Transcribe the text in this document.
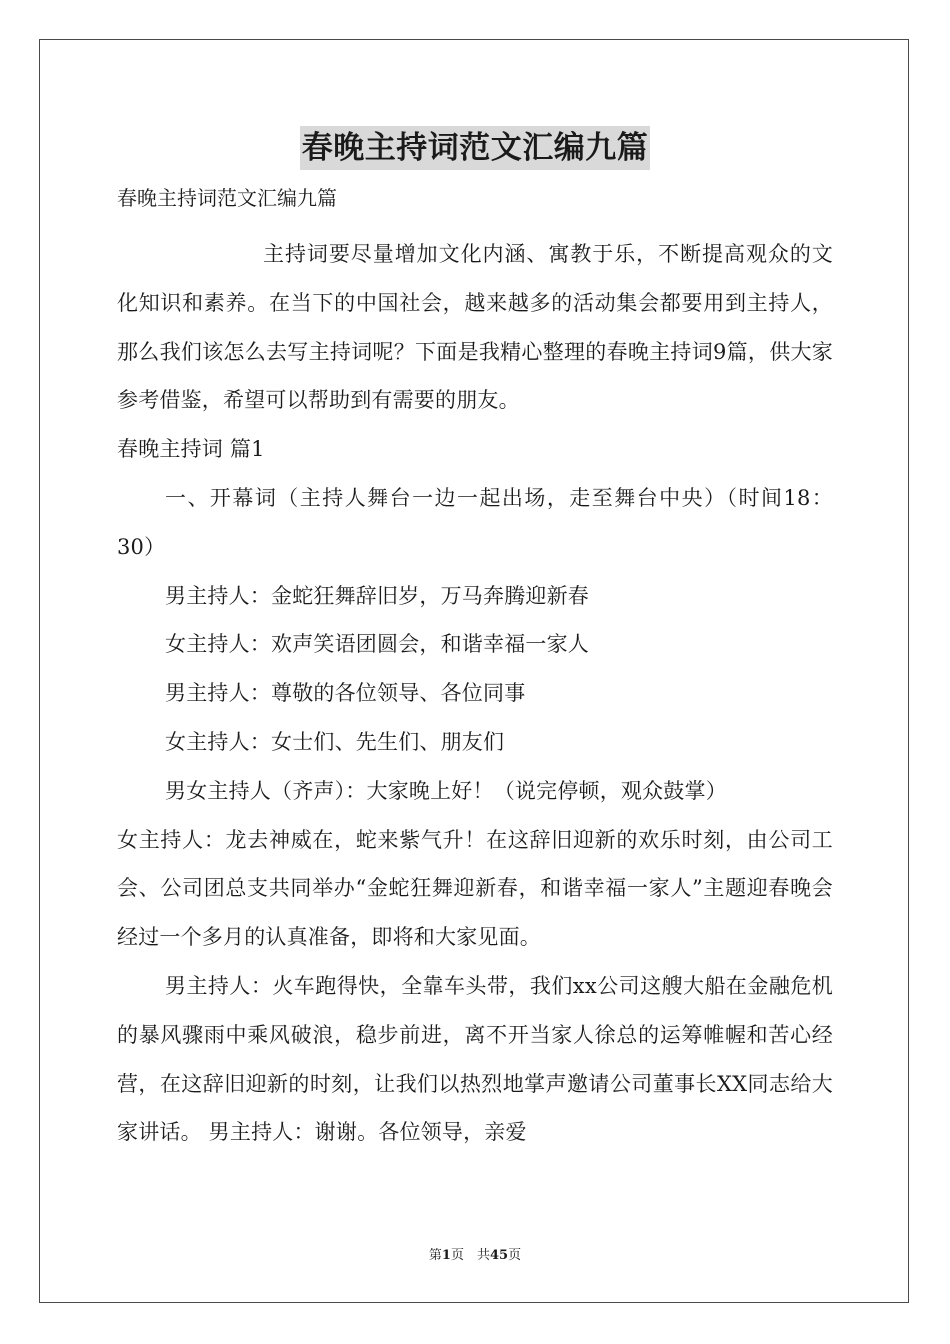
春晚主持词范文汇编九篇
春晚主持词范文汇编九篇

主持词要尽量增加文化内涵、寓教于乐，不断提高观众的文化知识和素养。在当下的中国社会，越来越多的活动集会都要用到主持人，那么我们该怎么去写主持词呢？下面是我精心整理的春晚主持词9篇，供大家参考借鉴，希望可以帮助到有需要的朋友。

春晚主持词 篇1

一、开幕词（主持人舞台一边一起出场，走至舞台中央）（时间18：30）

男主持人：金蛇狂舞辞旧岁，万马奔腾迎新春

女主持人：欢声笑语团圆会，和谐幸福一家人

男主持人：尊敬的各位领导、各位同事

女主持人：女士们、先生们、朋友们

男女主持人（齐声）：大家晚上好！（说完停顿，观众鼓掌）

女主持人：龙去神威在，蛇来紫气升！在这辞旧迎新的欢乐时刻，由公司工会、公司团总支共同举办“金蛇狂舞迎新春，和谐幸福一家人”主题迎春晚会经过一个多月的认真准备，即将和大家见面。

男主持人：火车跑得快，全靠车头带，我们xx公司这艘大船在金融危机的暴风骤雨中乘风破浪，稳步前进，离不开当家人徐总的运筹帷幄和苦心经营，在这辞旧迎新的时刻，让我们以热烈地掌声邀请公司董事长XX同志给大家讲话。 男主持人：谢谢。各位领导，亲爱

第1页　共45页
